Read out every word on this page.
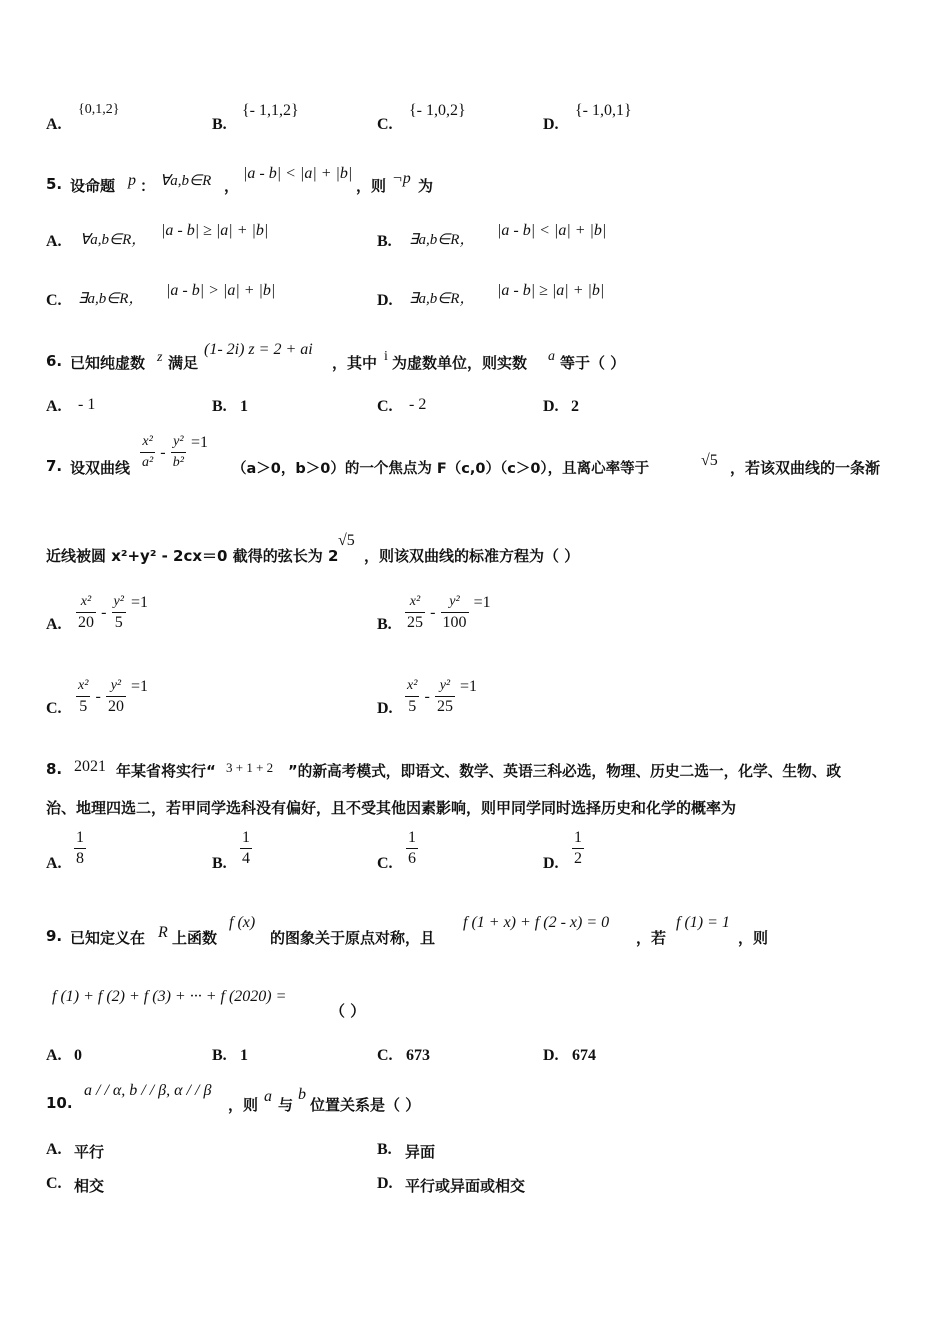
A.
{0,1,2}
B.
{- 1,1,2}
C.
{- 1,0,2}
D.
{- 1,0,1}
5. 设命题 p ： ∀a,b∈R ，
|a - b| < |a| + |b|
，则 ¬p 为
A. ∀a,b∈R，
|a - b| ≥ |a| + |b|
B. ∃a,b∈R，
|a - b| < |a| + |b|
C. ∃a,b∈R， |a - b| > |a| + |b|
D. ∃a,b∈R， |a - b| ≥ |a| + |b|
6. 已知纯虚数 z 满足
(1- 2i) z = 2 + ai
，其中 i 为虚数单位，则实数 a 等于（ ）
A. - 1	B. 1	C. - 2	D. 2
7. 设双曲线 $\frac{\text{x²}}{\text{a²}} - \frac{\text{y²}}{\text{b²}} =1$
（a＞0，b＞0）的一个焦点为 F（c,0）（c＞0），且离心率等于	√5 ，若该双曲线的一条渐
近线被圆 x²+y² - 2cx＝0 截得的弦长为 2
√5
，则该双曲线的标准方程为（ ）
A. $\frac{\text{x²}}{20} - \frac{\text{y²}}{5} =1$
B. $\frac{\text{x²}}{25} - \frac{\text{y²}}{100} =1$
C. $\frac{\text{x²}}{5} - \frac{\text{y²}}{20} =1$
D. $\frac{\text{x²}}{5} - \frac{\text{y²}}{25} =1$
8. 2021 年某省将实行“ 3 + 1 + 2 ”的新高考模式，即语文、数学、英语三科必选，物理、历史二选一，化学、生物、政
治、地理四选二，若甲同学选科没有偏好，且不受其他因素影响，则甲同学同时选择历史和化学的概率为
A. $\frac{1}{8}$	B. $\frac{1}{4}$	C. $\frac{1}{6}$	D. $\frac{1}{2}$
9. 已知定义在 R 上函数
f (x)
的图象关于原点对称，且
f (1 + x) + f (2 - x) = 0
，若
f (1) = 1
，则
f (1) + f (2) + f (3) + ··· + f (2020) =
（ ）
A. 0	B. 1	C. 673	D. 674
10.
a / / α, b / / β, α / / β
，则 a 与
b
位置关系是（ ）
A. 平行	B. 异面
C. 相交	D. 平行或异面或相交
